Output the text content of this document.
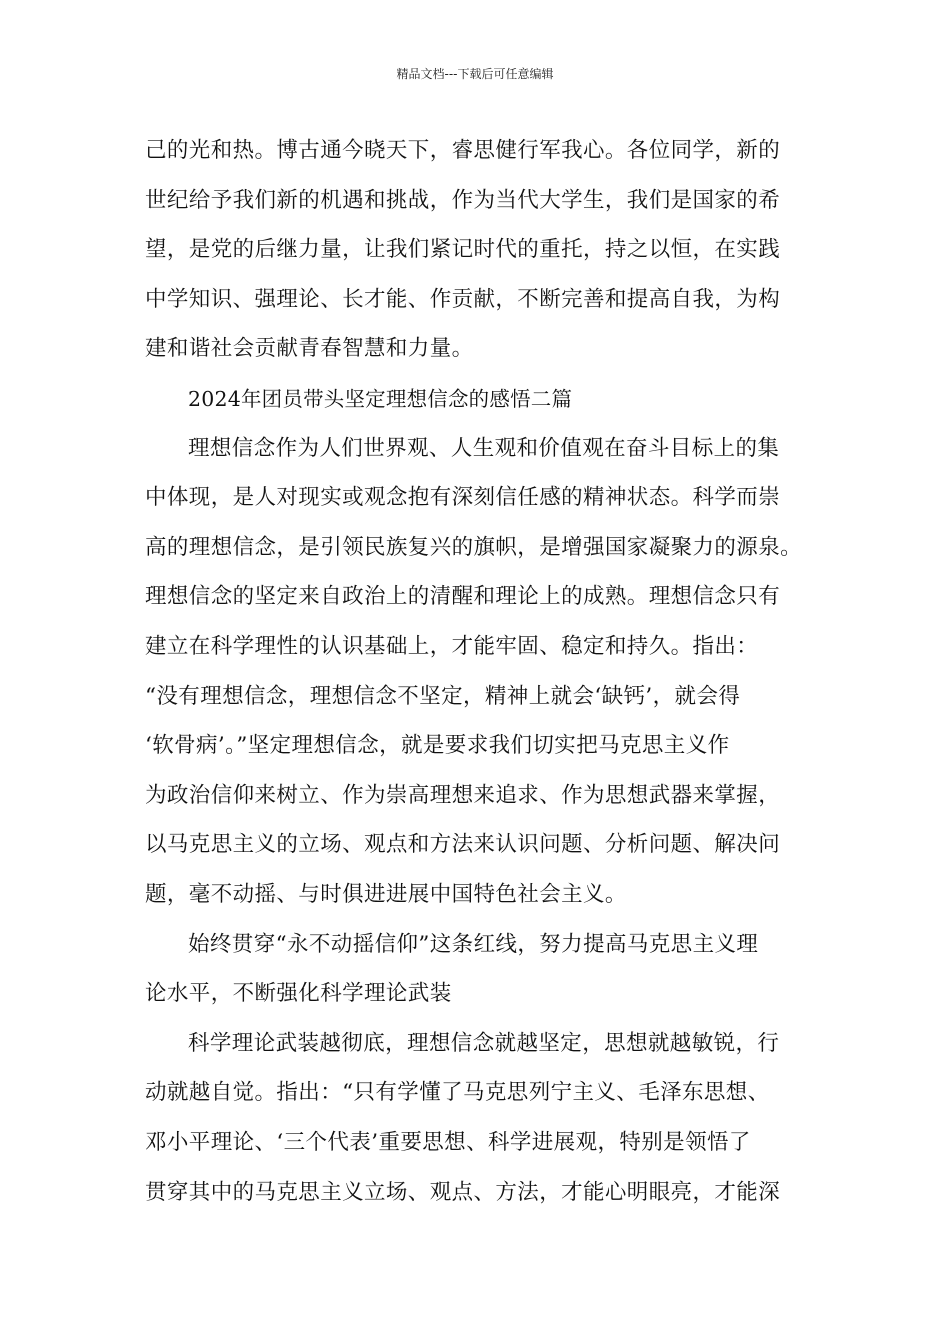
精品文档---下载后可任意编辑
己的光和热。博古通今晓天下，睿思健行军我心。各位同学，新的
世纪给予我们新的机遇和挑战，作为当代大学生，我们是国家的希
望，是党的后继力量，让我们紧记时代的重托，持之以恒，在实践
中学知识、强理论、长才能、作贡献，不断完善和提高自我，为构
建和谐社会贡献青春智慧和力量。
2024年团员带头坚定理想信念的感悟二篇
理想信念作为人们世界观、人生观和价值观在奋斗目标上的集
中体现，是人对现实或观念抱有深刻信任感的精神状态。科学而崇
高的理想信念，是引领民族复兴的旗帜，是增强国家凝聚力的源泉。
理想信念的坚定来自政治上的清醒和理论上的成熟。理想信念只有
建立在科学理性的认识基础上，才能牢固、稳定和持久。指出：
“没有理想信念，理想信念不坚定，精神上就会‘缺钙’，就会得
‘软骨病’。”坚定理想信念，就是要求我们切实把马克思主义作
为政治信仰来树立、作为崇高理想来追求、作为思想武器来掌握，
以马克思主义的立场、观点和方法来认识问题、分析问题、解决问
题，毫不动摇、与时俱进进展中国特色社会主义。
始终贯穿“永不动摇信仰”这条红线，努力提高马克思主义理
论水平，不断强化科学理论武装
科学理论武装越彻底，理想信念就越坚定，思想就越敏锐，行
动就越自觉。指出：“只有学懂了马克思列宁主义、毛泽东思想、
邓小平理论、‘三个代表’重要思想、科学进展观，特别是领悟了
贯穿其中的马克思主义立场、观点、方法，才能心明眼亮，才能深
